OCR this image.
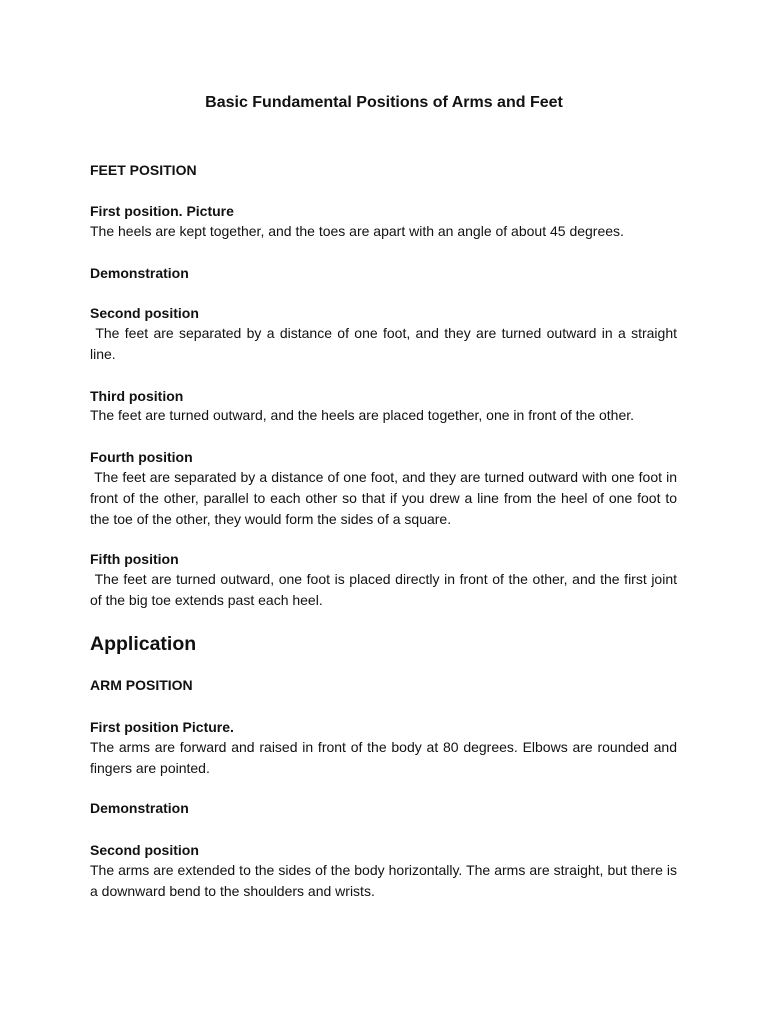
Basic Fundamental Positions of Arms and Feet

FEET POSITION

First position. Picture

The heels are kept together, and the toes are apart with an angle of about 45 degrees.

Demonstration

Second position

The feet are separated by a distance of one foot, and they are turned outward in a straight line.

Third position

The feet are turned outward, and the heels are placed together, one in front of the other.

Fourth position

The feet are separated by a distance of one foot, and they are turned outward with one foot in front of the other, parallel to each other so that if you drew a line from the heel of one foot to the toe of the other, they would form the sides of a square.

Fifth position

The feet are turned outward, one foot is placed directly in front of the other, and the first joint of the big toe extends past each heel.

Application

ARM POSITION

First position Picture.

The arms are forward and raised in front of the body at 80 degrees. Elbows are rounded and fingers are pointed.

Demonstration

Second position

The arms are extended to the sides of the body horizontally. The arms are straight, but there is a downward bend to the shoulders and wrists.
